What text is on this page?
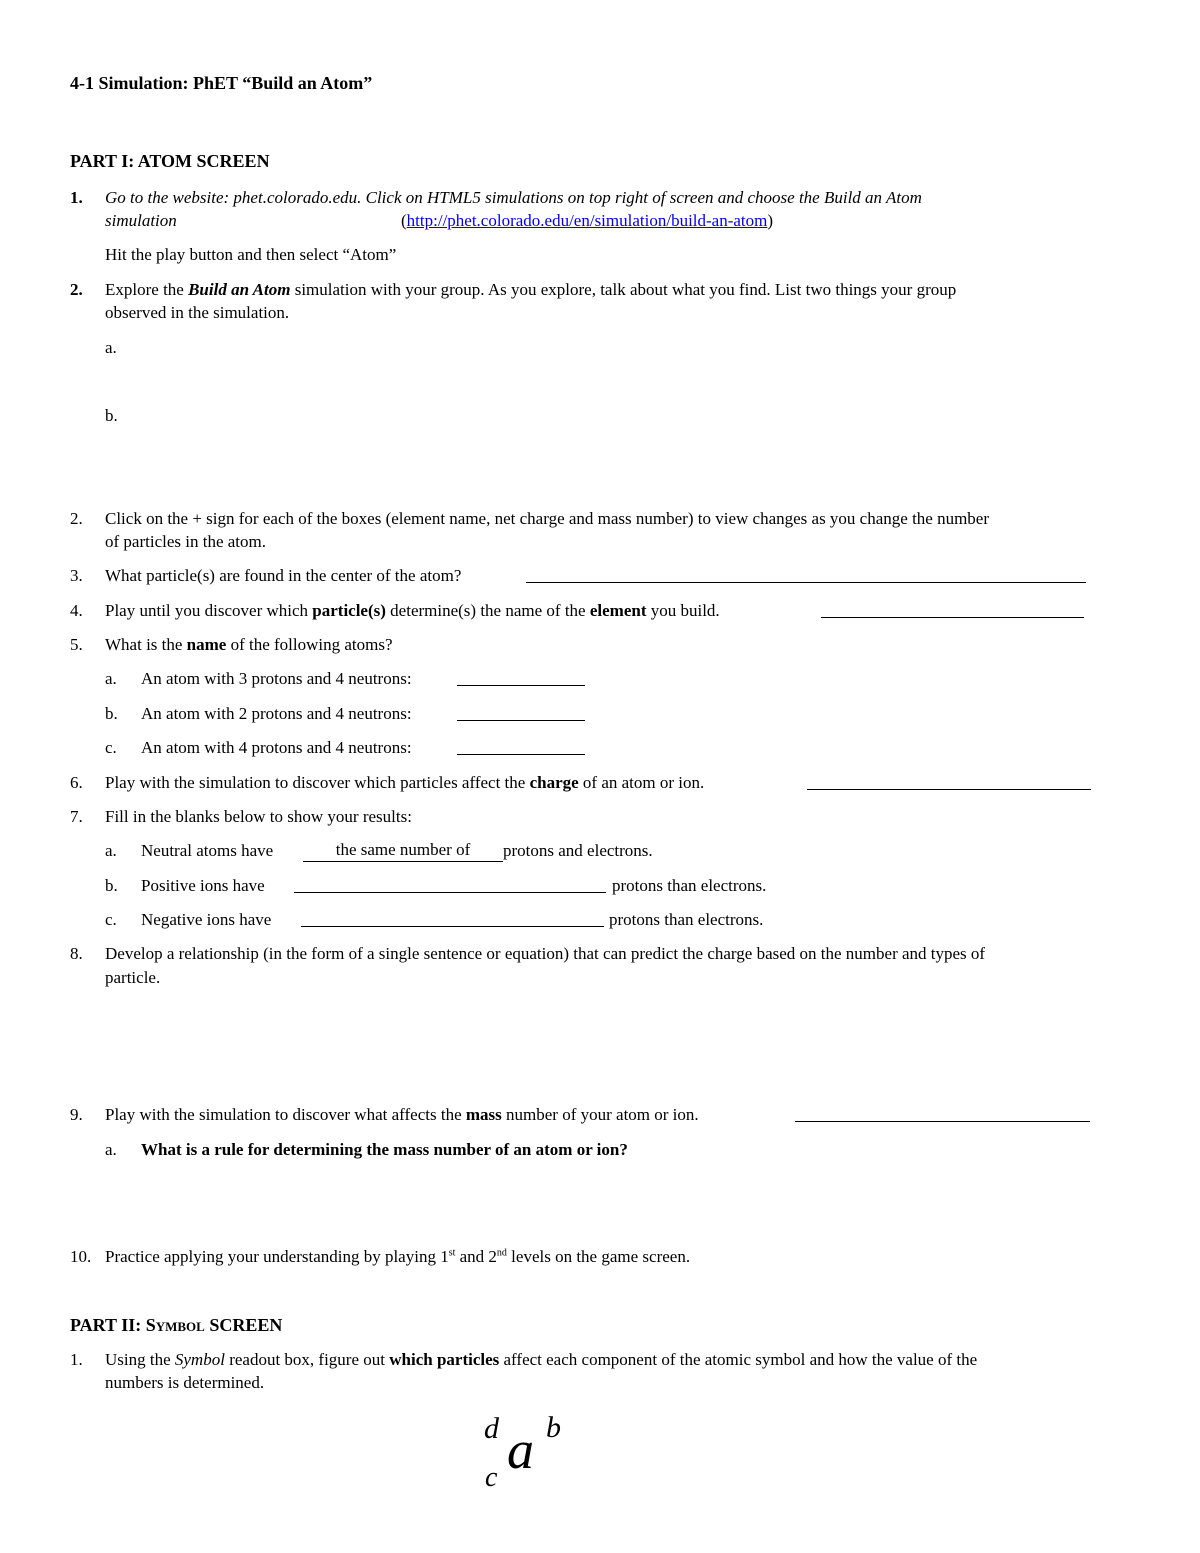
4-1 Simulation: PhET “Build an Atom”
PART I: ATOM SCREEN
1. Go to the website: phet.colorado.edu. Click on HTML5 simulations on top right of screen and choose the Build an Atom
simulation	(http://phet.colorado.edu/en/simulation/build-an-atom)
Hit the play button and then select “Atom”
2. Explore the Build an Atom simulation with your group. As you explore, talk about what you find. List two things your group
observed in the simulation.
a.
b.
2. Click on the + sign for each of the boxes (element name, net charge and mass number) to view changes as you change the number
of particles in the atom.
3. What particle(s) are found in the center of the atom?
4. Play until you discover which particle(s) determine(s) the name of the element you build.
5. What is the name of the following atoms?
a. An atom with 3 protons and 4 neutrons:
b. An atom with 2 protons and 4 neutrons:
c. An atom with 4 protons and 4 neutrons:
6. Play with the simulation to discover which particles affect the charge of an atom or ion.
7. Fill in the blanks below to show your results:
a. Neutral atoms have	the same number of	protons and electrons.
b. Positive ions have	protons than electrons.
c. Negative ions have	protons than electrons.
8. Develop a relationship (in the form of a single sentence or equation) that can predict the charge based on the number and types of
particle.
9. Play with the simulation to discover what affects the mass number of your atom or ion.
a. What is a rule for determining the mass number of an atom or ion?
10. Practice applying your understanding by playing 1st and 2nd levels on the game screen.
PART II: Symbol SCREEN
1. Using the Symbol readout box, figure out which particles affect each component of the atomic symbol and how the value of the
numbers is determined.
d
c a b
